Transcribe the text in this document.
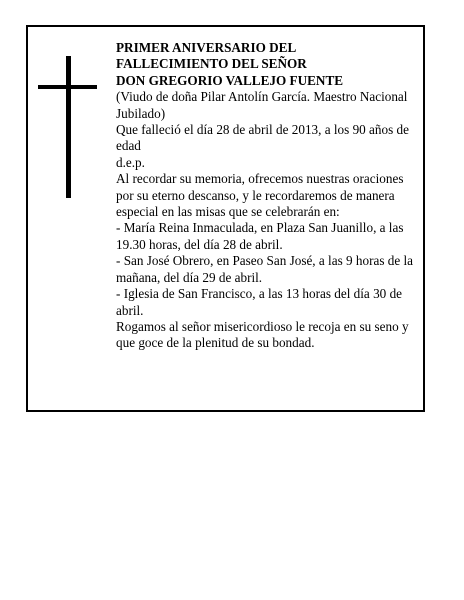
PRIMER ANIVERSARIO DEL

FALLECIMIENTO DEL SEÑOR

DON GREGORIO VALLEJO FUENTE

(Viudo de doña Pilar Antolín García. Maestro Nacional Jubilado)

Que falleció el día 28 de abril de 2013, a los 90 años de edad

d.e.p.

Al recordar su memoria, ofrecemos nuestras oraciones por su eterno descanso, y le recordaremos de manera especial en las misas que se celebrarán en:

- María Reina Inmaculada, en Plaza San Juanillo, a las 19.30 horas, del día 28 de abril.

- San José Obrero, en Paseo San José, a las 9 horas de la mañana, del día 29 de abril.

- Iglesia de San Francisco, a las 13 horas del día 30 de abril.

Rogamos al señor misericordioso le recoja en su seno y que goce de la plenitud de su bondad.
